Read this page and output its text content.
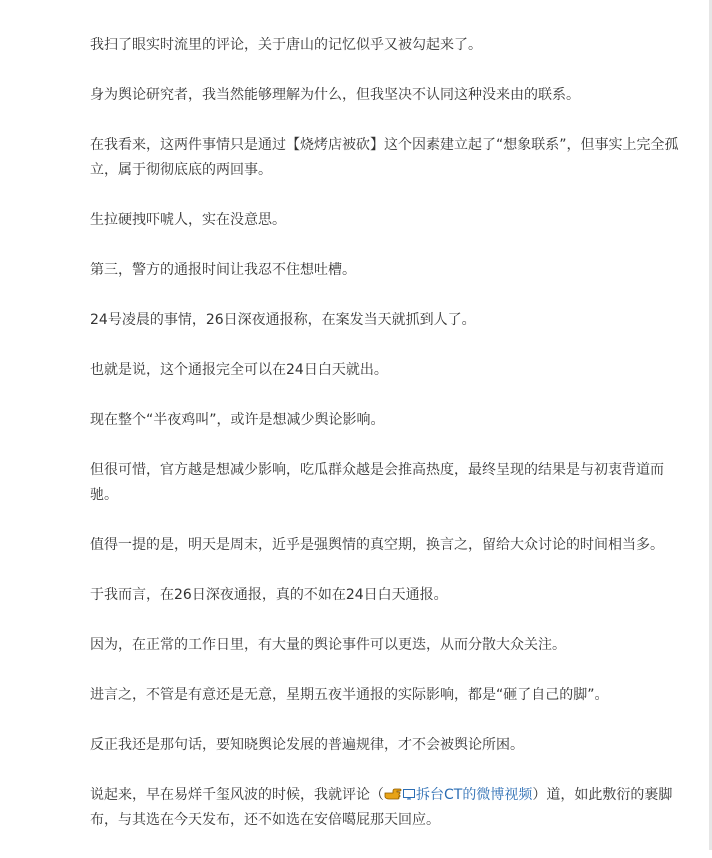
我扫了眼实时流里的评论，关于唐山的记忆似乎又被勾起来了。

身为舆论研究者，我当然能够理解为什么，但我坚决不认同这种没来由的联系。

在我看来，这两件事情只是通过【烧烤店被砍】这个因素建立起了“想象联系”，但事实上完全孤立，属于彻彻底底的两回事。

生拉硬拽吓唬人，实在没意思。

第三，警方的通报时间让我忍不住想吐槽。

24号凌晨的事情，26日深夜通报称，在案发当天就抓到人了。

也就是说，这个通报完全可以在24日白天就出。

现在整个“半夜鸡叫”，或许是想减少舆论影响。

但很可惜，官方越是想减少影响，吃瓜群众越是会推高热度，最终呈现的结果是与初衷背道而驰。

值得一提的是，明天是周末，近乎是强舆情的真空期，换言之，留给大众讨论的时间相当多。

于我而言，在26日深夜通报，真的不如在24日白天通报。

因为，在正常的工作日里，有大量的舆论事件可以更迭，从而分散大众关注。

进言之，不管是有意还是无意，星期五夜半通报的实际影响，都是“砸了自己的脚”。

反正我还是那句话，要知晓舆论发展的普遍规律，才不会被舆论所困。

说起来，早在易烊千玺风波的时候，我就评论（ 拆台CT的微博视频）道，如此敷衍的裹脚布，与其选在今天发布，还不如选在安倍噶屁那天回应。
